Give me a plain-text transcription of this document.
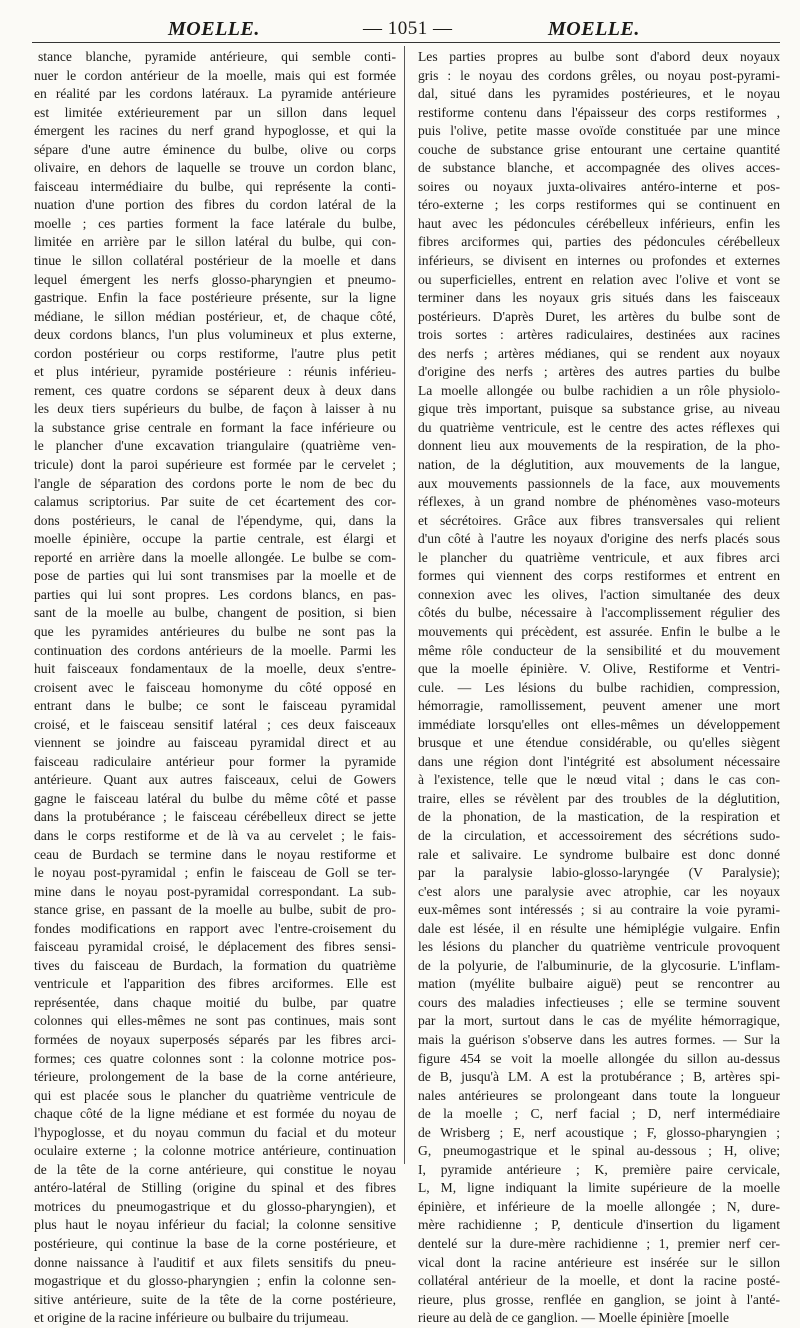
MOELLE.	— 1051 —	MOELLE.
stance blanche, pyramide antérieure, qui semble conti-
nuer le cordon antérieur de la moelle, mais qui est formée
en réalité par les cordons latéraux. La pyramide antérieure
est limitée extérieurement par un sillon dans lequel
émergent les racines du nerf grand hypoglosse, et qui la
sépare d'une autre éminence du bulbe, olive ou corps
olivaire, en dehors de laquelle se trouve un cordon blanc,
faisceau intermédiaire du bulbe, qui représente la conti-
nuation d'une portion des fibres du cordon latéral de la
moelle ; ces parties forment la face latérale du bulbe,
limitée en arrière par le sillon latéral du bulbe, qui con-
tinue le sillon collatéral postérieur de la moelle et dans
lequel émergent les nerfs glosso-pharyngien et pneumo-
gastrique. Enfin la face postérieure présente, sur la ligne
médiane, le sillon médian postérieur, et, de chaque côté,
deux cordons blancs, l'un plus volumineux et plus externe,
cordon postérieur ou corps restiforme, l'autre plus petit
et plus intérieur, pyramide postérieure : réunis inférieu-
rement, ces quatre cordons se séparent deux à deux dans
les deux tiers supérieurs du bulbe, de façon à laisser à nu
la substance grise centrale en formant la face inférieure ou
le plancher d'une excavation triangulaire (quatrième ven-
tricule) dont la paroi supérieure est formée par le cervelet ;
l'angle de séparation des cordons porte le nom de bec du
calamus scriptorius. Par suite de cet écartement des cor-
dons postérieurs, le canal de l'épendyme, qui, dans la
moelle épinière, occupe la partie centrale, est élargi et
reporté en arrière dans la moelle allongée. Le bulbe se com-
pose de parties qui lui sont transmises par la moelle et de
parties qui lui sont propres. Les cordons blancs, en pas-
sant de la moelle au bulbe, changent de position, si bien
que les pyramides antérieures du bulbe ne sont pas la
continuation des cordons antérieurs de la moelle. Parmi les
huit faisceaux fondamentaux de la moelle, deux s'entre-
croisent avec le faisceau homonyme du côté opposé en
entrant dans le bulbe; ce sont le faisceau pyramidal
croisé, et le faisceau sensitif latéral ; ces deux faisceaux
viennent se joindre au faisceau pyramidal direct et au
faisceau radiculaire antérieur pour former la pyramide
antérieure. Quant aux autres faisceaux, celui de Gowers
gagne le faisceau latéral du bulbe du même côté et passe
dans la protubérance ; le faisceau cérébelleux direct se jette
dans le corps restiforme et de là va au cervelet ; le fais-
ceau de Burdach se termine dans le noyau restiforme et
le noyau post-pyramidal ; enfin le faisceau de Goll se ter-
mine dans le noyau post-pyramidal correspondant. La sub-
stance grise, en passant de la moelle au bulbe, subit de pro-
fondes modifications en rapport avec l'entre-croisement du
faisceau pyramidal croisé, le déplacement des fibres sensi-
tives du faisceau de Burdach, la formation du quatrième
ventricule et l'apparition des fibres arciformes. Elle est
représentée, dans chaque moitié du bulbe, par quatre
colonnes qui elles-mêmes ne sont pas continues, mais sont
formées de noyaux superposés séparés par les fibres arci-
formes; ces quatre colonnes sont : la colonne motrice pos-
térieure, prolongement de la base de la corne antérieure,
qui est placée sous le plancher du quatrième ventricule de
chaque côté de la ligne médiane et est formée du noyau de
l'hypoglosse, et du noyau commun du facial et du moteur
oculaire externe ; la colonne motrice antérieure, continuation
de la tête de la corne antérieure, qui constitue le noyau
antéro-latéral de Stilling (origine du spinal et des fibres
motrices du pneumogastrique et du glosso-pharyngien), et
plus haut le noyau inférieur du facial; la colonne sensitive
postérieure, qui continue la base de la corne postérieure, et
donne naissance à l'auditif et aux filets sensitifs du pneu-
mogastrique et du glosso-pharyngien ; enfin la colonne sen-
sitive antérieure, suite de la tête de la corne postérieure,
et origine de la racine inférieure ou bulbaire du trijumeau.
Les parties propres au bulbe sont d'abord deux noyaux
gris : le noyau des cordons grêles, ou noyau post-pyrami-
dal, situé dans les pyramides postérieures, et le noyau
restiforme contenu dans l'épaisseur des corps restiformes ,
puis l'olive, petite masse ovoïde constituée par une mince
couche de substance grise entourant une certaine quantité
de substance blanche, et accompagnée des olives acces-
soires ou noyaux juxta-olivaires antéro-interne et pos-
téro-externe ; les corps restiformes qui se continuent en
haut avec les pédoncules cérébelleux inférieurs, enfin les
fibres arciformes qui, parties des pédoncules cérébelleux
inférieurs, se divisent en internes ou profondes et externes
ou superficielles, entrent en relation avec l'olive et vont se
terminer dans les noyaux gris situés dans les faisceaux
postérieurs. D'après Duret, les artères du bulbe sont de
trois sortes : artères radiculaires, destinées aux racines
des nerfs ; artères médianes, qui se rendent aux noyaux
d'origine des nerfs ; artères des autres parties du bulbe
La moelle allongée ou bulbe rachidien a un rôle physiolo-
gique très important, puisque sa substance grise, au niveau
du quatrième ventricule, est le centre des actes réflexes qui
donnent lieu aux mouvements de la respiration, de la pho-
nation, de la déglutition, aux mouvements de la langue,
aux mouvements passionnels de la face, aux mouvements
réflexes, à un grand nombre de phénomènes vaso-moteurs
et sécrétoires. Grâce aux fibres transversales qui relient
d'un côté à l'autre les noyaux d'origine des nerfs placés sous
le plancher du quatrième ventricule, et aux fibres arci
formes qui viennent des corps restiformes et entrent en
connexion avec les olives, l'action simultanée des deux
côtés du bulbe, nécessaire à l'accomplissement régulier des
mouvements qui précèdent, est assurée. Enfin le bulbe a le
même rôle conducteur de la sensibilité et du mouvement
que la moelle épinière. V. Olive, Restiforme et Ventri-
cule. — Les lésions du bulbe rachidien, compression,
hémorragie, ramollissement, peuvent amener une mort
immédiate lorsqu'elles ont elles-mêmes un développement
brusque et une étendue considérable, ou qu'elles siègent
dans une région dont l'intégrité est absolument nécessaire
à l'existence, telle que le nœud vital ; dans le cas con-
traire, elles se révèlent par des troubles de la déglutition,
de la phonation, de la mastication, de la respiration et
de la circulation, et accessoirement des sécrétions sudo-
rale et salivaire. Le syndrome bulbaire est donc donné
par la paralysie labio-glosso-laryngée (V Paralysie);
c'est alors une paralysie avec atrophie, car les noyaux
eux-mêmes sont intéressés ; si au contraire la voie pyrami-
dale est lésée, il en résulte une hémiplégie vulgaire. Enfin
les lésions du plancher du quatrième ventricule provoquent
de la polyurie, de l'albuminurie, de la glycosurie. L'inflam-
mation (myélite bulbaire aiguë) peut se rencontrer au
cours des maladies infectieuses ; elle se termine souvent
par la mort, surtout dans le cas de myélite hémorragique,
mais la guérison s'observe dans les autres formes. — Sur la
figure 454 se voit la moelle allongée du sillon au-dessus
de B, jusqu'à LM. A est la protubérance ; B, artères spi-
nales antérieures se prolongeant dans toute la longueur
de la moelle ; C, nerf facial ; D, nerf intermédiaire
de Wrisberg ; E, nerf acoustique ; F, glosso-pharyngien ;
G, pneumogastrique et le spinal au-dessous ; H, olive;
I, pyramide antérieure ; K, première paire cervicale,
L, M, ligne indiquant la limite supérieure de la moelle
épinière, et inférieure de la moelle allongée ; N, dure-
mère rachidienne ; P, denticule d'insertion du ligament
dentelé sur la dure-mère rachidienne ; 1, premier nerf cer-
vical dont la racine antérieure est insérée sur le sillon
collatéral antérieur de la moelle, et dont la racine posté-
rieure, plus grosse, renflée en ganglion, se joint à l'anté-
rieure au delà de ce ganglion. — Moelle épinière [moelle
